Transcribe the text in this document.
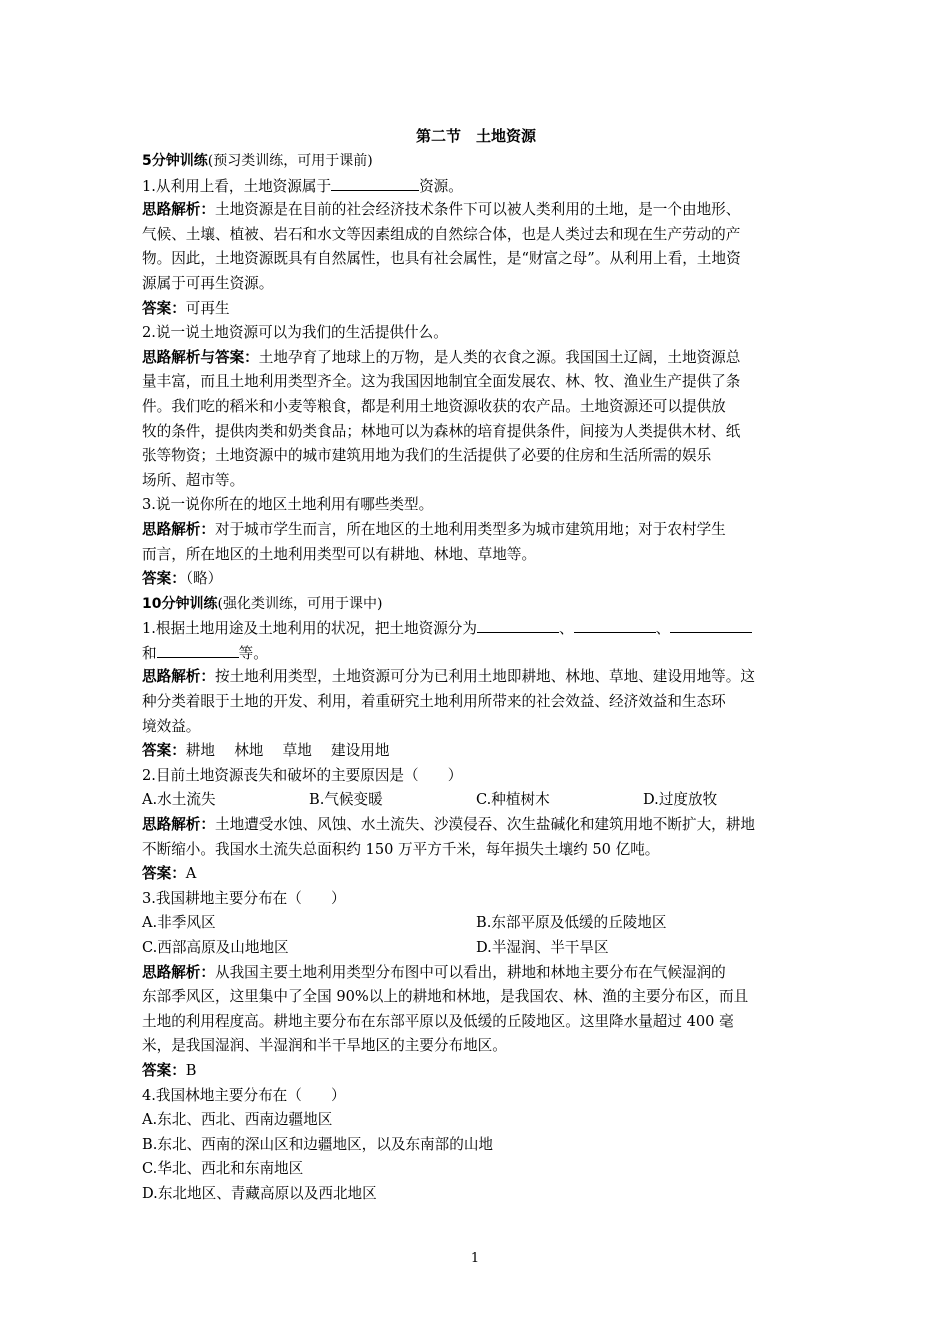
第二节　土地资源
5分钟训练(预习类训练，可用于课前)
1.从利用上看，土地资源属于	资源。
思路解析：土地资源是在目前的社会经济技术条件下可以被人类利用的土地，是一个由地形、
气候、土壤、植被、岩石和水文等因素组成的自然综合体，也是人类过去和现在生产劳动的产
物。因此，土地资源既具有自然属性，也具有社会属性，是“财富之母”。从利用上看，土地资
源属于可再生资源。
答案：可再生
2.说一说土地资源可以为我们的生活提供什么。
思路解析与答案：土地孕育了地球上的万物，是人类的衣食之源。我国国土辽阔，土地资源总
量丰富，而且土地利用类型齐全。这为我国因地制宜全面发展农、林、牧、渔业生产提供了条
件。我们吃的稻米和小麦等粮食，都是利用土地资源收获的农产品。土地资源还可以提供放
牧的条件，提供肉类和奶类食品；林地可以为森林的培育提供条件，间接为人类提供木材、纸
张等物资；土地资源中的城市建筑用地为我们的生活提供了必要的住房和生活所需的娱乐
场所、超市等。
3.说一说你所在的地区土地利用有哪些类型。
思路解析：对于城市学生而言，所在地区的土地利用类型多为城市建筑用地；对于农村学生
而言，所在地区的土地利用类型可以有耕地、林地、草地等。
答案：（略）
10分钟训练(强化类训练，可用于课中)
1.根据土地用途及土地利用的状况，把土地资源分为	、	、
和	等。
思路解析：按土地利用类型，土地资源可分为已利用土地即耕地、林地、草地、建设用地等。这
种分类着眼于土地的开发、利用，着重研究土地利用所带来的社会效益、经济效益和生态环
境效益。
答案：耕地　 林地　 草地　 建设用地
2.目前土地资源丧失和破坏的主要原因是（　　）
A.水土流失	B.气候变暖	C.种植树木	D.过度放牧
思路解析：土地遭受水蚀、风蚀、水土流失、沙漠侵吞、次生盐碱化和建筑用地不断扩大，耕地
不断缩小。我国水土流失总面积约 150 万平方千米，每年损失土壤约 50 亿吨。
答案：A
3.我国耕地主要分布在（　　）
A.非季风区	B.东部平原及低缓的丘陵地区
C.西部高原及山地地区	D.半湿润、半干旱区
思路解析：从我国主要土地利用类型分布图中可以看出，耕地和林地主要分布在气候湿润的
东部季风区，这里集中了全国 90%以上的耕地和林地，是我国农、林、渔的主要分布区，而且
土地的利用程度高。耕地主要分布在东部平原以及低缓的丘陵地区。这里降水量超过 400 毫
米，是我国湿润、半湿润和半干旱地区的主要分布地区。
答案：B
4.我国林地主要分布在（　　）
A.东北、西北、西南边疆地区
B.东北、西南的深山区和边疆地区，以及东南部的山地
C.华北、西北和东南地区
D.东北地区、青藏高原以及西北地区
1
